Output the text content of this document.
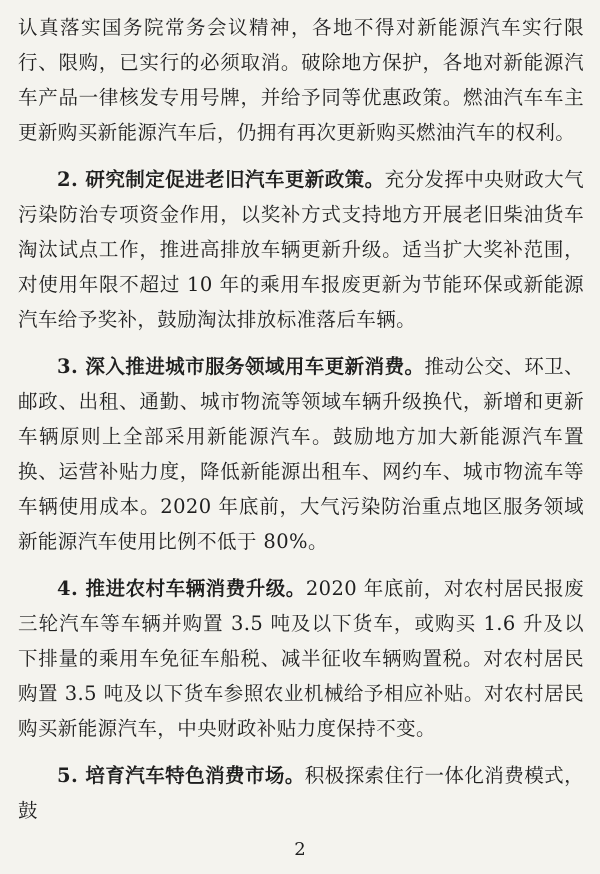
认真落实国务院常务会议精神，各地不得对新能源汽车实行限行、限购，已实行的必须取消。破除地方保护，各地对新能源汽车产品一律核发专用号牌，并给予同等优惠政策。燃油汽车车主更新购买新能源汽车后，仍拥有再次更新购买燃油汽车的权利。

2. 研究制定促进老旧汽车更新政策。充分发挥中央财政大气污染防治专项资金作用，以奖补方式支持地方开展老旧柴油货车淘汰试点工作，推进高排放车辆更新升级。适当扩大奖补范围，对使用年限不超过 10 年的乘用车报废更新为节能环保或新能源汽车给予奖补，鼓励淘汰排放标准落后车辆。

3. 深入推进城市服务领域用车更新消费。推动公交、环卫、邮政、出租、通勤、城市物流等领域车辆升级换代，新增和更新车辆原则上全部采用新能源汽车。鼓励地方加大新能源汽车置换、运营补贴力度，降低新能源出租车、网约车、城市物流车等车辆使用成本。2020 年底前，大气污染防治重点地区服务领域新能源汽车使用比例不低于 80%。

4. 推进农村车辆消费升级。2020 年底前，对农村居民报废三轮汽车等车辆并购置 3.5 吨及以下货车，或购买 1.6 升及以下排量的乘用车免征车船税、减半征收车辆购置税。对农村居民购置 3.5 吨及以下货车参照农业机械给予相应补贴。对农村居民购买新能源汽车，中央财政补贴力度保持不变。

5. 培育汽车特色消费市场。积极探索住行一体化消费模式，鼓

2
